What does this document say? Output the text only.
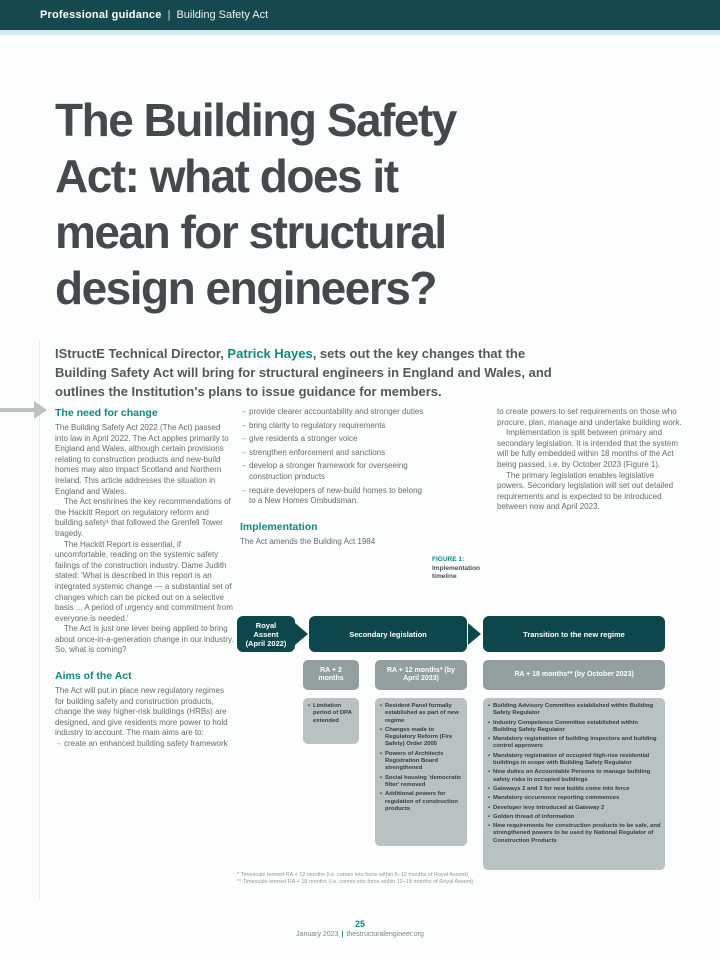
Professional guidance | Building Safety Act
The Building Safety
Act: what does it
mean for structural
design engineers?

IStructE Technical Director, Patrick Hayes, sets out the key changes that the Building Safety Act will bring for structural engineers in England and Wales, and outlines the Institution's plans to issue guidance for members.

The need for change

The Building Safety Act 2022 (The Act) passed into law in April 2022. The Act applies primarily to England and Wales, although certain provisions relating to construction products and new-build homes may also impact Scotland and Northern Ireland. This article addresses the situation in England and Wales.

The Act enshrines the key recommendations of the Hackitt Report on regulatory reform and building safety¹ that followed the Grenfell Tower tragedy.

The Hackitt Report is essential, if uncomfortable, reading on the systemic safety failings of the construction industry. Dame Judith stated: 'What is described in this report is an integrated systemic change — a substantial set of changes which can be picked out on a selective basis ... A period of urgency and commitment from everyone is needed.'

The Act is just one lever being applied to bring about once-in-a-generation change in our industry. So, what is coming?

Aims of the Act

The Act will put in place new regulatory regimes for building safety and construction products, change the way higher-risk buildings (HRBs) are designed, and give residents more power to hold industry to account. The main aims are to:

→ create an enhanced building safety framework
→ provide clearer accountability and stronger duties
→ bring clarity to regulatory requirements
→ give residents a stronger voice
→ strengthen enforcement and sanctions
→ develop a stronger framework for overseeing construction products
→ require developers of new-build homes to belong to a New Homes Ombudsman.
Implementation

The Act amends the Building Act 1984

to create powers to set requirements on those who procure, plan, manage and undertake building work.

Implementation is split between primary and secondary legislation. It is intended that the system will be fully embedded within 18 months of the Act being passed, i.e. by October 2023 (Figure 1).

The primary legislation enables legislative powers. Secondary legislation will set out detailed requirements and is expected to be introduced between now and April 2023.

FIGURE 1:
Implementation timeline
Royal Assent (April 2022)
Secondary legislation	Transition to the new regime
RA + 2 months
RA + 12 months* (by April 2023)
RA + 18 months** (by October 2023)
• Limitation period of DPA extended
• Resident Panel formally established as part of new regime
• Changes made to Regulatory Reform (Fire Safety) Order 2005
• Powers of Architects Registration Board strengthened
• Social housing 'democratic filter' removed
• Additional powers for regulation of construction products
• Building Advisory Committee established within Building Safety Regulator
• Industry Competence Committee established within Building Safety Regulator
• Mandatory registration of building inspectors and building control approvers
• Mandatory registration of occupied high-rise residential buildings in scope with Building Safety Regulator
• New duties on Accountable Persons to manage building safety risks in occupied buildings
• Gateways 2 and 3 for new builds come into force
• Mandatory occurrence reporting commences
• Developer levy introduced at Gateway 2
• Golden thread of information
• New requirements for construction products to be safe, and strengthened powers to be used by National Regulator of Construction Products
* Timescale termed RA + 12 months (i.e. comes into force within 6–12 months of Royal Assent)
** Timescale termed RA + 18 months (i.e. comes into force within 12–18 months of Royal Assent)
25
January 2023 | thestructuralengineer.org
